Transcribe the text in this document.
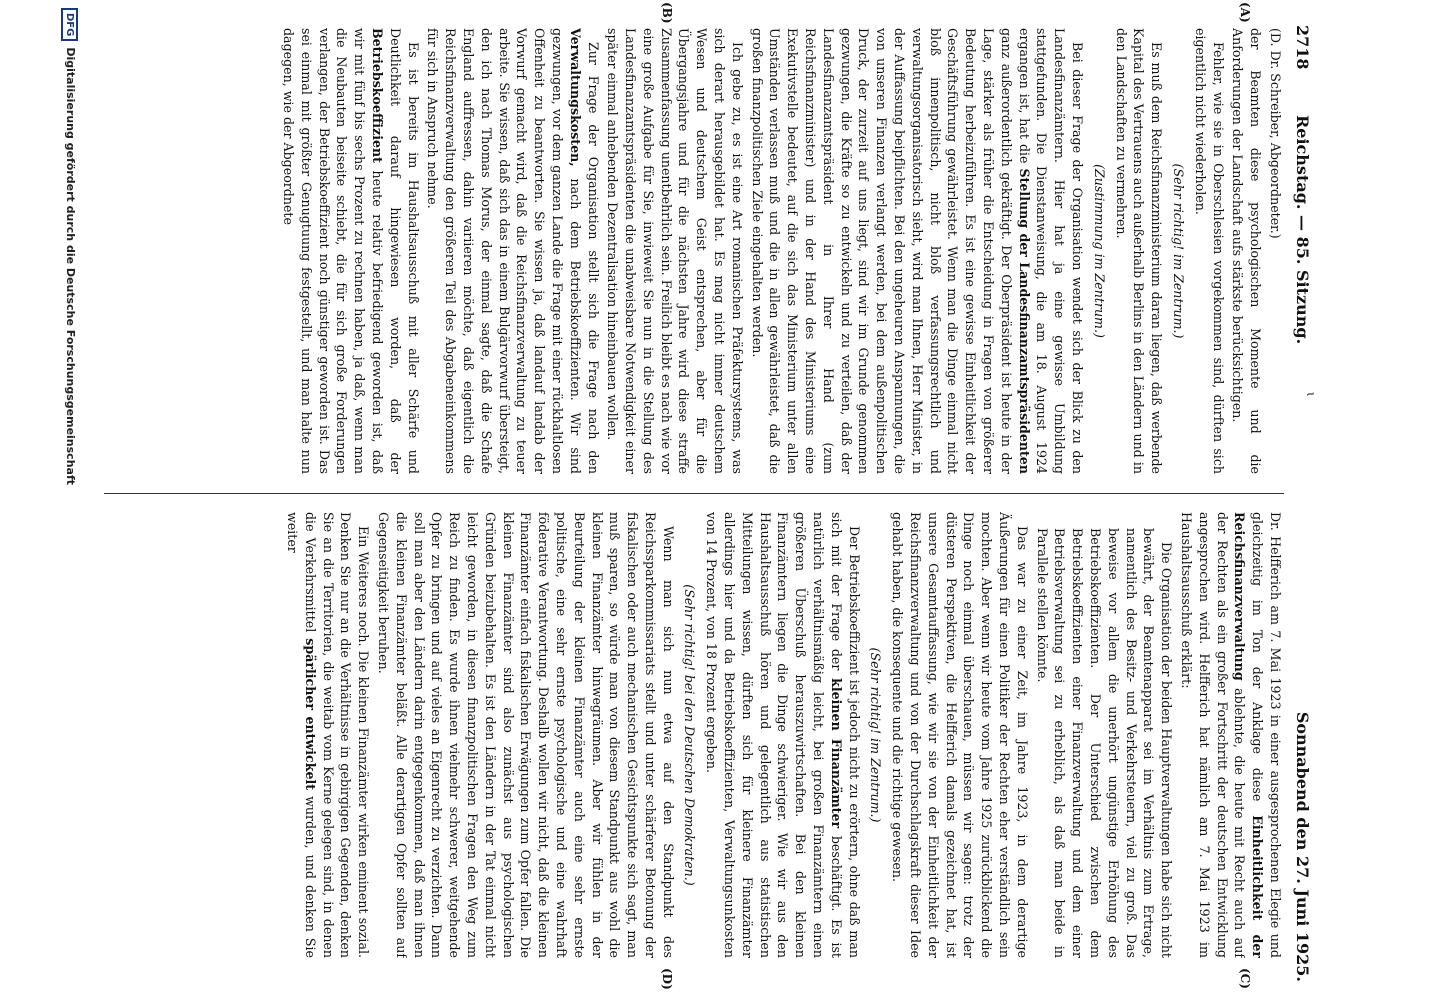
ɩ
2718
Reichstag. — 85. Sitzung.
Sonnabend den 27. Juni 1925.
(A)
(B)
(C)
(D)

(D. Dr. Schreiber, Abgeordneter.)

der Beamten diese psychologischen Momente und die Anforderungen der Landschaft aufs stärkste berücksichtigen.

Fehler, wie sie in Oberschlesien vorgekommen sind, dürften sich eigentlich nicht wiederholen.

(Sehr richtig! im Zentrum.)

Es muß dem Reichsfinanzministerium daran liegen, daß werbende Kapital des Vertrauens auch außerhalb Berlins in den Ländern und in den Landschaften zu vermehren.

(Zustimmung im Zentrum.)

Bei dieser Frage der Organisation wendet sich der Blick zu den Landesfinanzämtern. Hier hat ja eine gewisse Umbildung stattgefunden. Die Dienstanweisung, die am 18. August 1924 ergangen ist, hat die Stellung der Landesfinanzamtspräsidenten ganz außerordentlich gekräftigt. Der Oberpräsident ist heute in der Lage, stärker als früher die Entscheidung in Fragen von größerer Bedeutung herbeizuführen. Es ist eine gewisse Einheitlichkeit der Geschäftsführung gewährleistet. Wenn man die Dinge einmal nicht bloß innenpolitisch, nicht bloß verfassungsrechtlich und verwaltungsorganisatorisch sieht, wird man Ihnen, Herr Minister, in der Auffassung beipflichten. Bei den ungeheuren Anspannungen, die von unseren Finanzen verlangt werden, bei dem außenpolitischen Druck, der zurzeit auf uns liegt, sind wir im Grunde genommen gezwungen, die Kräfte so zu entwickeln und zu verteilen, daß der Landesfinanzamtspräsident in Ihrer Hand (zum Reichsfinanzminister) und in der Hand des Ministeriums eine Exekutivstelle bedeutet, auf die sich das Ministerium unter allen Umständen verlassen muß und die in allen gewährleistet, daß die großen finanzpolitischen Ziele eingehalten werden.

Ich gebe zu, es ist eine Art romanischen Präfektursystems, was sich derart herausgebildet hat. Es mag nicht immer deutschem Wesen und deutschem Geist entsprechen, aber für die Übergangsjahre und für die nächsten Jahre wird diese straffe Zusammenfassung unentbehrlich sein. Freilich bleibt es nach wie vor eine große Aufgabe für Sie, inwieweit Sie nun in die Stellung des Landesfinanzamtspräsidenten die unabweisbare Notwendigkeit einer später einmal anhebenden Dezentralisation hineinbauen wollen.

Zur Frage der Organisation stellt sich die Frage nach den Verwaltungskosten, nach dem Betriebskoeffizienten. Wir sind gezwungen, vor dem ganzen Lande die Frage mit einer rückhaltlosen Offenheit zu beantworten. Sie wissen ja, daß landauf landab der Vorwurf gemacht wird, daß die Reichsfinanzverwaltung zu teuer arbeite. Sie wissen, daß sich das in einem Bulgärvorwurf übersteigt, den ich nach Thomas Morus, der einmal sagte, daß die Schafe England auffressen, dahin variieren möchte, daß eigentlich die Reichsfinanzverwaltung den größeren Teil des Abgabeneinkommens für sich in Anspruch nehme.

Es ist bereits im Haushaltsausschuß mit aller Schärfe und Deutlichkeit darauf hingewiesen worden, daß der Betriebskoeffizient heute relativ befriedigend geworden ist, daß wir mit fünf bis sechs Prozent zu rechnen haben, ja daß, wenn man die Neubauten beiseite schiebt, die für sich große Forderungen verlangen, der Betriebskoeffizient noch günstiger geworden ist. Das sei einmal mit größter Genugtuung festgestellt, und man halte nun dagegen, wie der Abgeordnete

Dr. Helfferich am 7. Mai 1923 in einer ausgesprochenen Elegie und gleichzeitig im Ton der Anklage diese Einheitlichkeit der Reichsfinanzverwaltung ablehnte, die heute mit Recht auch auf der Rechten als ein großer Fortschritt der deutschen Entwicklung angesprochen wird. Helfferich hat nämlich am 7. Mai 1923 im Haushaltsausschuß erklärt:

Die Organisation der beiden Hauptverwaltungen habe sich nicht bewährt, der Beamtenapparat sei im Verhältnis zum Ertrage, namentlich des Besitz- und Verkehrsteuern, viel zu groß. Das beweise vor allem die unerhört ungünstige Erhöhung des Betriebskoeffizienten. Der Unterschied zwischen dem Betriebskoeffizienten einer Finanzverwaltung und dem einer Betriebsverwaltung sei zu erheblich, als daß man beide in Parallele stellen könnte.

Das war zu einer Zeit, im Jahre 1923, in dem derartige Äußerungen für einen Politiker der Rechten eher verständlich sein mochten. Aber wenn wir heute vom Jahre 1925 zurückblickend die Dinge noch einmal überschauen, müssen wir sagen: trotz der düsteren Perspektiven, die Helfferich damals gezeichnet hat, ist unsere Gesamtauffassung, wie wir sie von der Einheitlichkeit der Reichsfinanzverwaltung und von der Durchschlagskraft dieser Idee gehabt haben, die konsequente und die richtige gewesen.

(Sehr richtig! im Zentrum.)

Der Betriebskoeffizient ist jedoch nicht zu erörtern, ohne daß man sich mit der Frage der kleinen Finanzämter beschäftigt. Es ist natürlich verhältnismäßig leicht, bei großen Finanzämtern einen größeren Überschuß herauszuwirtschaften. Bei den kleinen Finanzämtern liegen die Dinge schwieriger. Wie wir aus den Haushaltsausschuß hören und gelegentlich aus statistischen Mitteilungen wissen, dürften sich für kleinere Finanzämter allerdings hier und da Betriebskoeffizienten, Verwaltungsunkosten von 14 Prozent, von 18 Prozent ergeben.

(Sehr richtig! bei den Deutschen Demokraten.)

Wenn man sich nun etwa auf den Standpunkt des Reichssparkommissariats stellt und unter schärferer Betonung der fiskalischen oder auch mechanischen Gesichtspunkte sich sagt, man muß sparen, so würde man von diesem Standpunkt aus wohl die kleinen Finanzämter hinwegräumen. Aber wir fühlen in der Beurteilung der kleinen Finanzämter auch eine sehr ernste politische, eine sehr ernste psychologische und eine wahrhaft föderative Verantwortung. Deshalb wollen wir nicht, daß die kleinen Finanzämter einfach fiskalischen Erwägungen zum Opfer fallen. Die kleinen Finanzämter sind also zunächst aus psychologischen Gründen beizubehalten. Es ist den Ländern in der Tat einmal nicht leicht geworden, in diesen finanzpolitischen Fragen den Weg zum Reich zu finden. Es wurde ihnen vielmehr schwerer, weitgehende Opfer zu bringen und auf vieles an Eigenrecht zu verzichten. Dann soll man aber den Ländern darin entgegenkommen, daß man ihnen die kleinen Finanzämter beläßt. Alle derartigen Opfer sollten auf Gegenseitigkeit beruhen.

Ein Weiteres noch. Die kleinen Finanzämter wirken eminent sozial. Denken Sie nur an die Verhältnisse in gebirgigen Gegenden, denken Sie an die Territorien, die weitab vom Kerne gelegen sind, in denen die Verkehrsmittel spärlicher entwickelt wurden, und denken Sie weiter

DFGDigitalisierung gefördert durch die Deutsche Forschungsgemeinschaft
